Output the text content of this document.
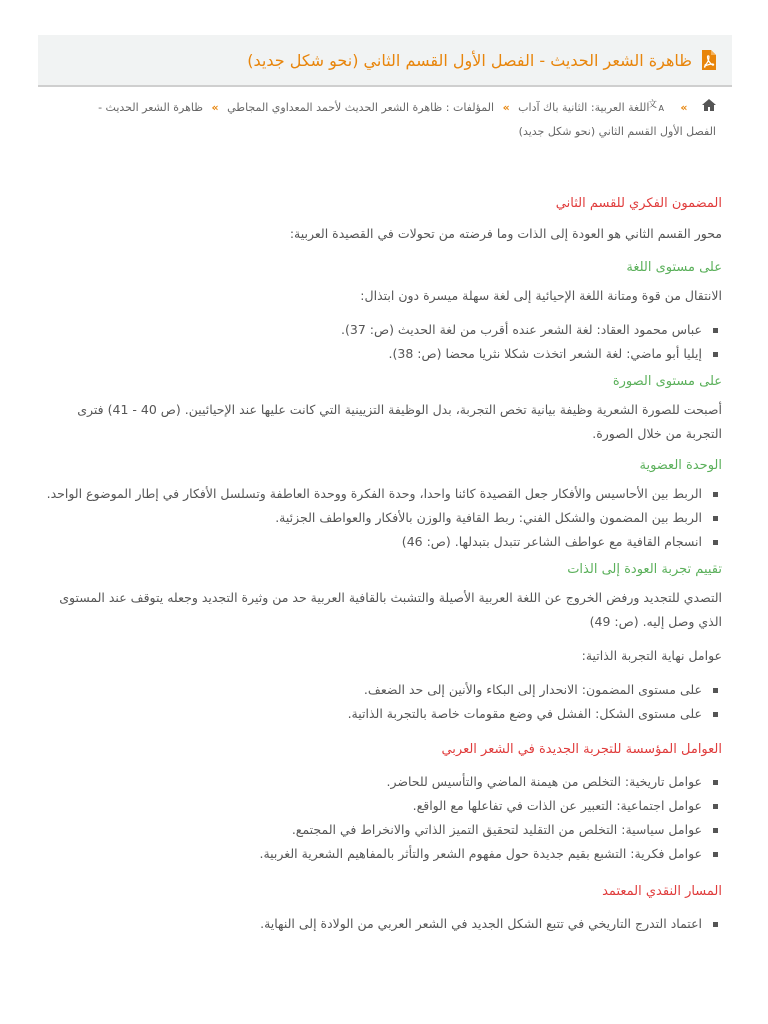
ظاهرة الشعر الحديث - الفصل الأول القسم الثاني (نحو شكل جديد)
»
文 A
اللغة العربية: الثانية باك آداب » المؤلفات : ظاهرة الشعر الحديث لأحمد المعداوي المجاطي » ظاهرة الشعر الحديث - الفصل الأول القسم الثاني (نحو شكل جديد)
المضمون الفكري للقسم الثاني

محور القسم الثاني هو العودة إلى الذات وما فرضته من تحولات في القصيدة العربية:

على مستوى اللغة

الانتقال من قوة ومتانة اللغة الإحيائية إلى لغة سهلة ميسرة دون ابتذال:

عباس محمود العقاد: لغة الشعر عنده أقرب من لغة الحديث (ص: 37).
إيليا أبو ماضي: لغة الشعر اتخذت شكلا نثريا محضا (ص: 38).
على مستوى الصورة

أصبحت للصورة الشعرية وظيفة بيانية تخص التجربة، بدل الوظيفة التزيينية التي كانت عليها عند الإحيائيين. (ص 40 - 41) فترى التجربة من خلال الصورة.

الوحدة العضوية
الربط بين الأحاسيس والأفكار جعل القصيدة كائنا واحدا، وحدة الفكرة ووحدة العاطفة وتسلسل الأفكار في إطار الموضوع الواحد.
الربط بين المضمون والشكل الفني: ربط القافية والوزن بالأفكار والعواطف الجزئية.
انسجام القافية مع عواطف الشاعر تتبدل بتبدلها. (ص: 46)
تقييم تجربة العودة إلى الذات

التصدي للتجديد ورفض الخروج عن اللغة العربية الأصيلة والتشبث بالقافية العربية حد من وثيرة التجديد وجعله يتوقف عند المستوى الذي وصل إليه. (ص: 49)

عوامل نهاية التجربة الذاتية:

على مستوى المضمون: الانحدار إلى البكاء والأنين إلى حد الضعف.
على مستوى الشكل: الفشل في وضع مقومات خاصة بالتجربة الذاتية.
العوامل المؤسسة للتجربة الجديدة في الشعر العربي
عوامل تاريخية: التخلص من هيمنة الماضي والتأسيس للحاضر.
عوامل اجتماعية: التعبير عن الذات في تفاعلها مع الواقع.
عوامل سياسية: التخلص من التقليد لتحقيق التميز الذاتي والانخراط في المجتمع.
عوامل فكرية: التشبع بقيم جديدة حول مفهوم الشعر والتأثر بالمفاهيم الشعرية الغربية.
المسار النقدي المعتمد
اعتماد التدرج التاريخي في تتبع الشكل الجديد في الشعر العربي من الولادة إلى النهاية.
